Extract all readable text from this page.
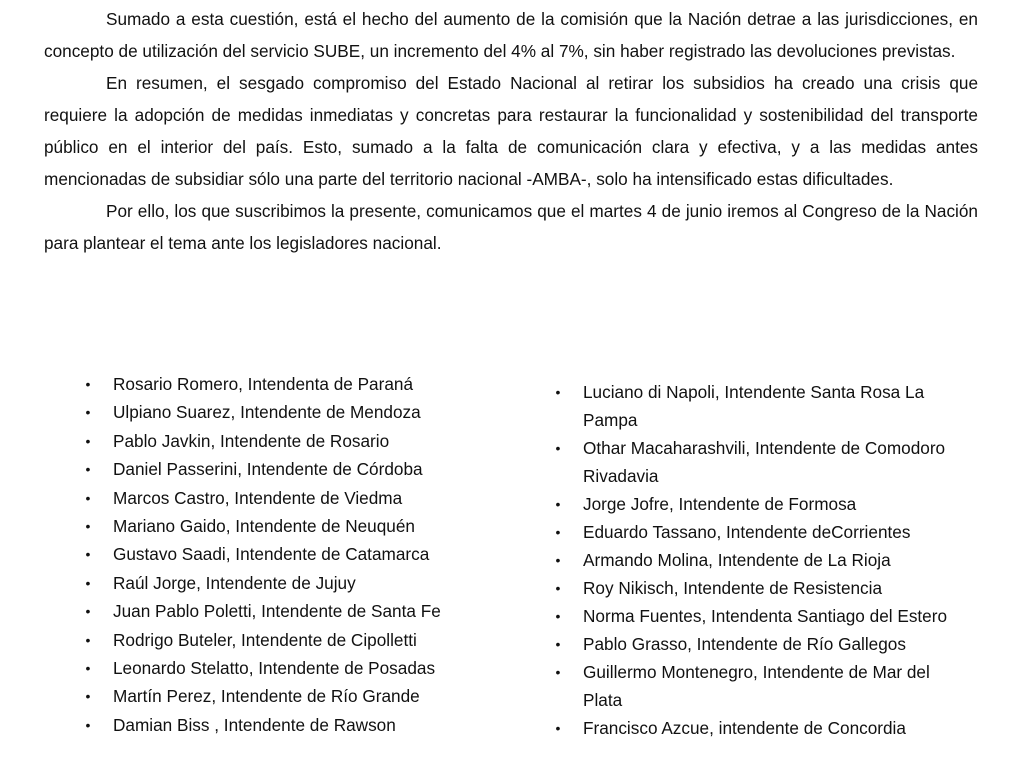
Sumado a esta cuestión, está el hecho del aumento de la comisión que la Nación detrae a las jurisdicciones, en concepto de utilización del servicio SUBE, un incremento del 4% al 7%, sin haber registrado las devoluciones previstas.

En resumen, el sesgado compromiso del Estado Nacional al retirar los subsidios ha creado una crisis que requiere la adopción de medidas inmediatas y concretas para restaurar la funcionalidad y sostenibilidad del transporte público en el interior del país. Esto, sumado a la falta de comunicación clara y efectiva, y a las medidas antes mencionadas de subsidiar sólo una parte del territorio nacional -AMBA-, solo ha intensificado estas dificultades.

Por ello, los que suscribimos la presente, comunicamos que el martes 4 de junio iremos al Congreso de la Nación para plantear el tema ante los legisladores nacional.

• Rosario Romero, Intendenta de Paraná
• Ulpiano Suarez, Intendente de Mendoza
• Pablo Javkin, Intendente de Rosario
• Daniel Passerini, Intendente de Córdoba
• Marcos Castro, Intendente de Viedma
• Mariano Gaido, Intendente de Neuquén
• Gustavo Saadi, Intendente de Catamarca
• Raúl Jorge, Intendente de Jujuy
• Juan Pablo Poletti, Intendente de Santa Fe
• Rodrigo Buteler, Intendente de Cipolletti
• Leonardo Stelatto, Intendente de Posadas
• Martín Perez, Intendente de Río Grande
• Damian Biss , Intendente de Rawson
• Luciano di Napoli, Intendente Santa Rosa La Pampa
• Othar Macaharashvili, Intendente de Comodoro Rivadavia
• Jorge Jofre, Intendente de Formosa
• Eduardo Tassano, Intendente deCorrientes
• Armando Molina, Intendente de La Rioja
• Roy Nikisch, Intendente de Resistencia
• Norma Fuentes, Intendenta Santiago del Estero
• Pablo Grasso, Intendente de Río Gallegos
• Guillermo Montenegro, Intendente de Mar del Plata
• Francisco Azcue, intendente de Concordia
